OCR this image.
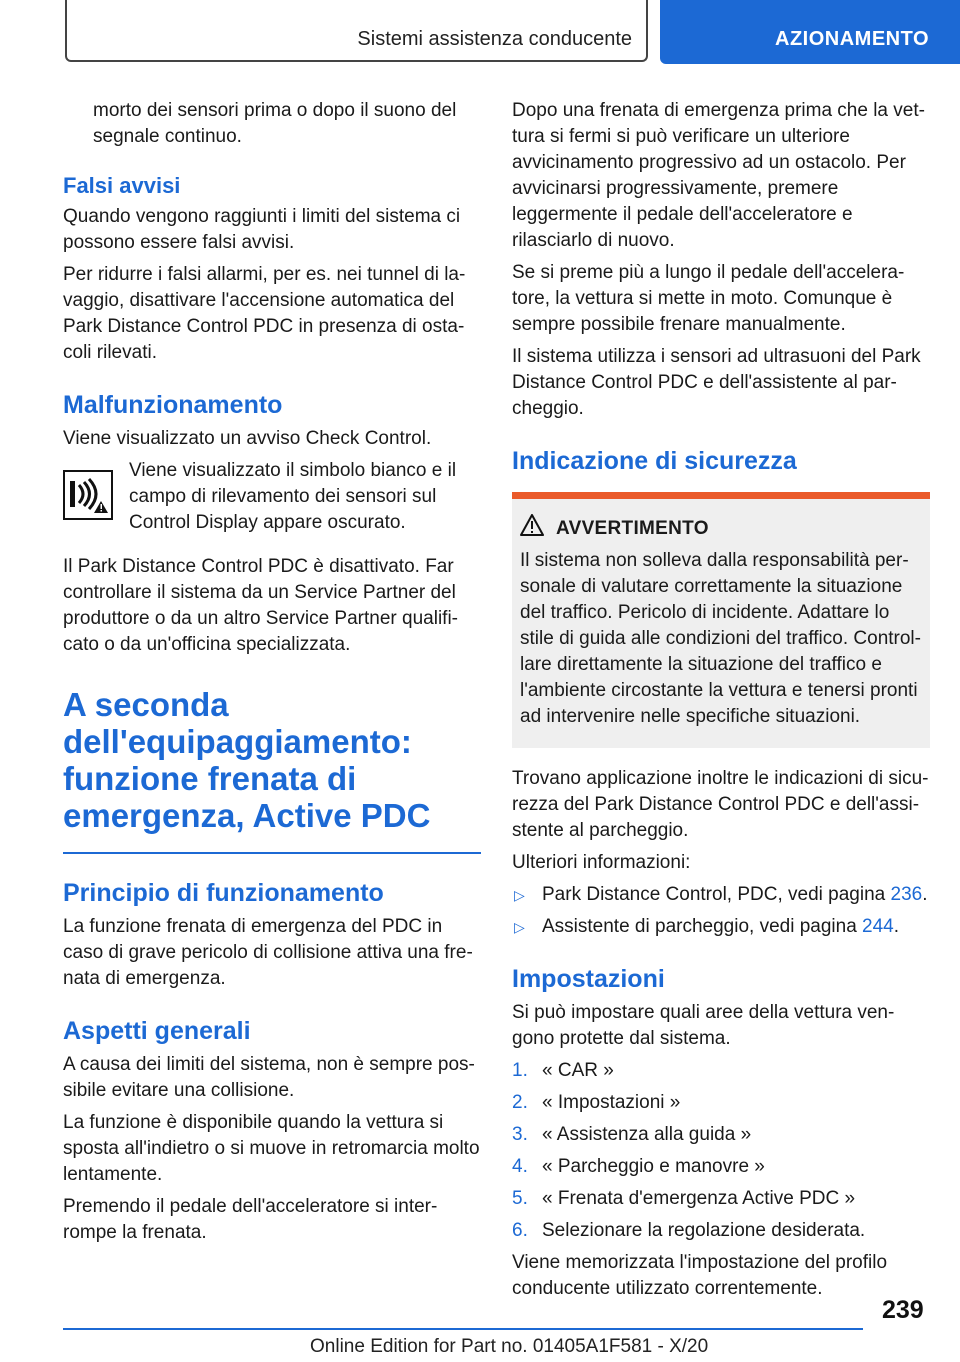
Sistemi assistenza conducente	AZIONAMENTO

morto dei sensori prima o dopo il suono del segnale continuo.

Falsi avvisi

Quando vengono raggiunti i limiti del sistema ci possono essere falsi avvisi.

Per ridurre i falsi allarmi, per es. nei tunnel di lavaggio, disattivare l'accensione automatica del Park Distance Control PDC in presenza di ostacoli rilevati.

Malfunzionamento

Viene visualizzato un avviso Check Control.

Viene visualizzato il simbolo bianco e il campo di rilevamento dei sensori sul Control Display appare oscurato.

Il Park Distance Control PDC è disattivato. Far controllare il sistema da un Service Partner del produttore o da un altro Service Partner qualificato o da un'officina specializzata.

A seconda dell'equipaggiamento: funzione frenata di emergenza, Active PDC
Principio di funzionamento

La funzione frenata di emergenza del PDC in caso di grave pericolo di collisione attiva una frenata di emergenza.

Aspetti generali

A causa dei limiti del sistema, non è sempre possibile evitare una collisione.

La funzione è disponibile quando la vettura si sposta all'indietro o si muove in retromarcia molto lentamente.

Premendo il pedale dell'acceleratore si interrompe la frenata.

Dopo una frenata di emergenza prima che la vettura si fermi si può verificare un ulteriore avvicinamento progressivo ad un ostacolo. Per avvicinarsi progressivamente, premere leggermente il pedale dell'acceleratore e rilasciarlo di nuovo.

Se si preme più a lungo il pedale dell'acceleratore, la vettura si mette in moto. Comunque è sempre possibile frenare manualmente.

Il sistema utilizza i sensori ad ultrasuoni del Park Distance Control PDC e dell'assistente al parcheggio.

Indicazione di sicurezza
AVVERTIMENTO

Il sistema non solleva dalla responsabilità personale di valutare correttamente la situazione del traffico. Pericolo di incidente. Adattare lo stile di guida alle condizioni del traffico. Controllare direttamente la situazione del traffico e l'ambiente circostante la vettura e tenersi pronti ad intervenire nelle specifiche situazioni.

Trovano applicazione inoltre le indicazioni di sicurezza del Park Distance Control PDC e dell'assistente al parcheggio.

Ulteriori informazioni:

▷ Park Distance Control, PDC, vedi pagina 236.
▷ Assistente di parcheggio, vedi pagina 244.
Impostazioni

Si può impostare quali aree della vettura vengono protette dal sistema.

1. « CAR »
2. « Impostazioni »
3. « Assistenza alla guida »
4. « Parcheggio e manovre »
5. « Frenata d'emergenza Active PDC »
6. Selezionare la regolazione desiderata.

Viene memorizzata l'impostazione del profilo conducente utilizzato correntemente.

239
Online Edition for Part no. 01405A1F581 - X/20
